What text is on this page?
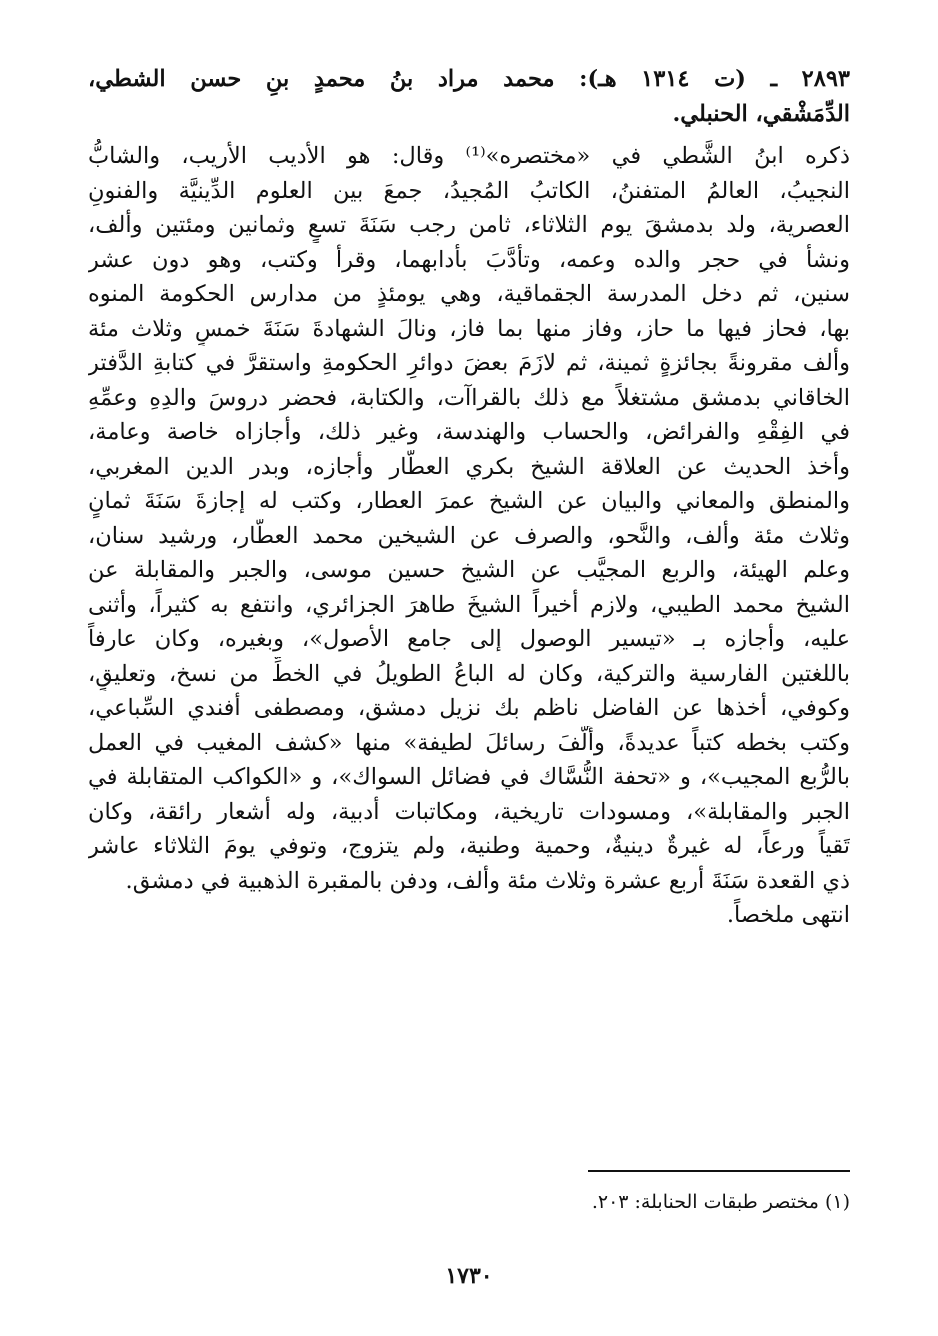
٢٨٩٣ ـ (ت ١٣١٤ هـ): محمد مراد بنُ محمدٍ بنِ حسن الشطي،
الدِّمَشْقي، الحنبلي.
ذكره ابنُ الشَّطي في «مختصره»⁽¹⁾ وقال: هو الأديب الأريب، والشابُّ
النجيبُ، العالمُ المتفننُ، الكاتبُ المُجيدُ، جمعَ بين العلوم الدِّينيَّة والفنونِ
العصرية، ولد بدمشقَ يوم الثلاثاء، ثامن رجب سَنَةَ تسعٍ وثمانين ومئتين وألف،
ونشأ في حجر والده وعمه، وتأدَّبَ بأدابهما، وقرأ وكتب، وهو دون عشر
سنين، ثم دخل المدرسة الجقماقية، وهي يومئذٍ من مدارس الحكومة المنوه
بها، فحاز فيها ما حاز، وفاز منها بما فاز، ونالَ الشهادةَ سَنَةَ خمسٍ وثلاث مئة
وألف مقرونةً بجائزةٍ ثمينة، ثم لازَمَ بعضَ دوائرِ الحكومةِ واستقرَّ في كتابةِ الدَّفتر
الخاقاني بدمشق مشتغلاً مع ذلك بالقراآت، والكتابة، فحضر دروسَ والدِهِ وعمِّهِ
في الفِقْهِ والفرائض، والحساب والهندسة، وغير ذلك، وأجازاه خاصة وعامة،
وأخذ الحديث عن العلاقة الشيخ بكري العطَّار وأجازه، وبدر الدين المغربي،
والمنطق والمعاني والبيان عن الشيخ عمرَ العطار، وكتب له إجازةَ سَنَةَ ثمانٍ
وثلاث مئة وألف، والنَّحو، والصرف عن الشيخين محمد العطَّار، ورشيد سنان،
وعلم الهيئة، والربع المجيَّب عن الشيخ حسين موسى، والجبر والمقابلة عن
الشيخ محمد الطيبي، ولازم أخيراً الشيخَ طاهرَ الجزائري، وانتفع به كثيراً، وأثنى
عليه، وأجازه بـ «تيسير الوصول إلى جامع الأصول»، وبغيره، وكان عارفاً
باللغتين الفارسية والتركية، وكان له الباعُ الطويلُ في الخطِّ من نسخ، وتعليقٍ،
وكوفي، أخذها عن الفاضل ناظم بك نزيل دمشق، ومصطفى أفندي السِّباعي،
وكتب بخطه كتباً عديدةً، وأَلَّفَ رسائلَ لطيفة» منها «كشف المغيب في العمل
بالرُّبع المجيب»، و «تحفة النُّسَّاك في فضائل السواك»، و «الكواكب المتقابلة في
الجبر والمقابلة»، ومسودات تاريخية، ومكاتبات أدبية، وله أشعار رائقة، وكان
تَقياً ورعاً، له غيرةٌ دينيةٌ، وحمية وطنية، ولم يتزوج، وتوفي يومَ الثلاثاء عاشر
ذي القعدة سَنَةَ أربع عشرة وثلاث مئة وألف، ودفن بالمقبرة الذهبية في دمشق.
انتهى ملخصاً.
(١) مختصر طبقات الحنابلة: ٢٠٣.
١٧٣٠
